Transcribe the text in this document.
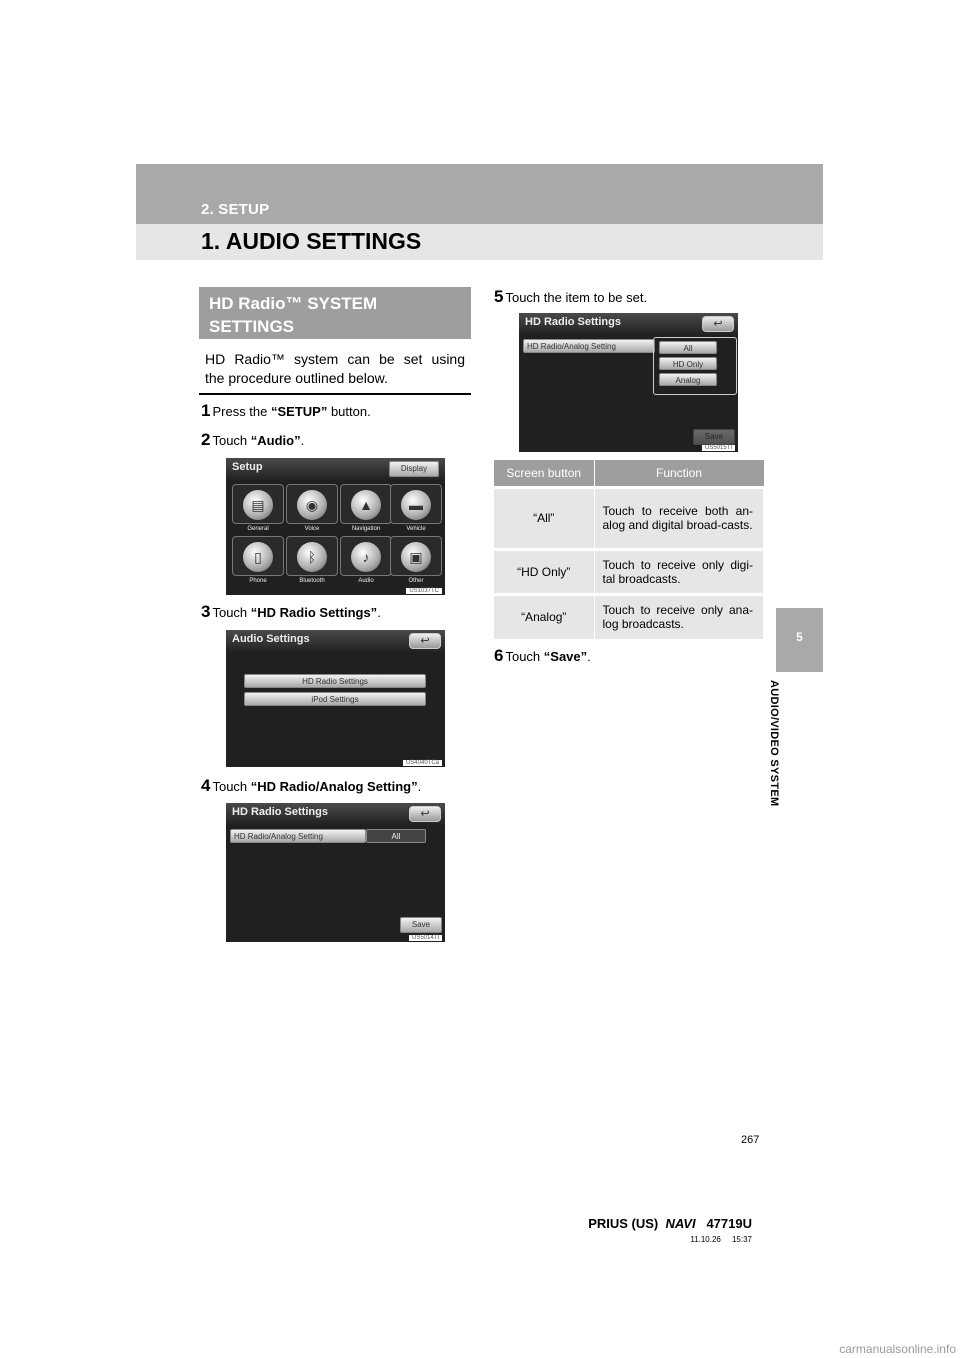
2. SETUP
1. AUDIO SETTINGS
5
AUDIO/VIDEO SYSTEM
HD Radio™ SYSTEM SETTINGS
HD Radio™ system can be set using
the procedure outlined below.
1 Press the “SETUP” button.
2 Touch “Audio”.
Setup	Display
▤	◉	▲	▬
General	Voice	Navigation	Vehicle
▯	ᛒ	♪	▣
Phone	Bluetooth	Audio	Other
US1037TC
3 Touch “HD Radio Settings”.
Audio Settings	↩
HD Radio Settings
iPod Settings
US4040TCa
4 Touch “HD Radio/Analog Setting”.
HD Radio Settings	↩
HD Radio/Analog Setting	All
Save
US5014TI
5 Touch the item to be set.
HD Radio Settings	↩
HD Radio/Analog Setting	All
HD Only
Analog
Save
US5015TI
Screen button	Function
“All”	Touch to receive both an-alog and digital broad-casts.
“HD Only”	Touch to receive only digi-tal broadcasts.
“Analog”	Touch to receive only ana-log broadcasts.
6 Touch “Save”.
267
PRIUS (US) NAVI 47719U
11.10.26     15:37
carmanualsonline.info
